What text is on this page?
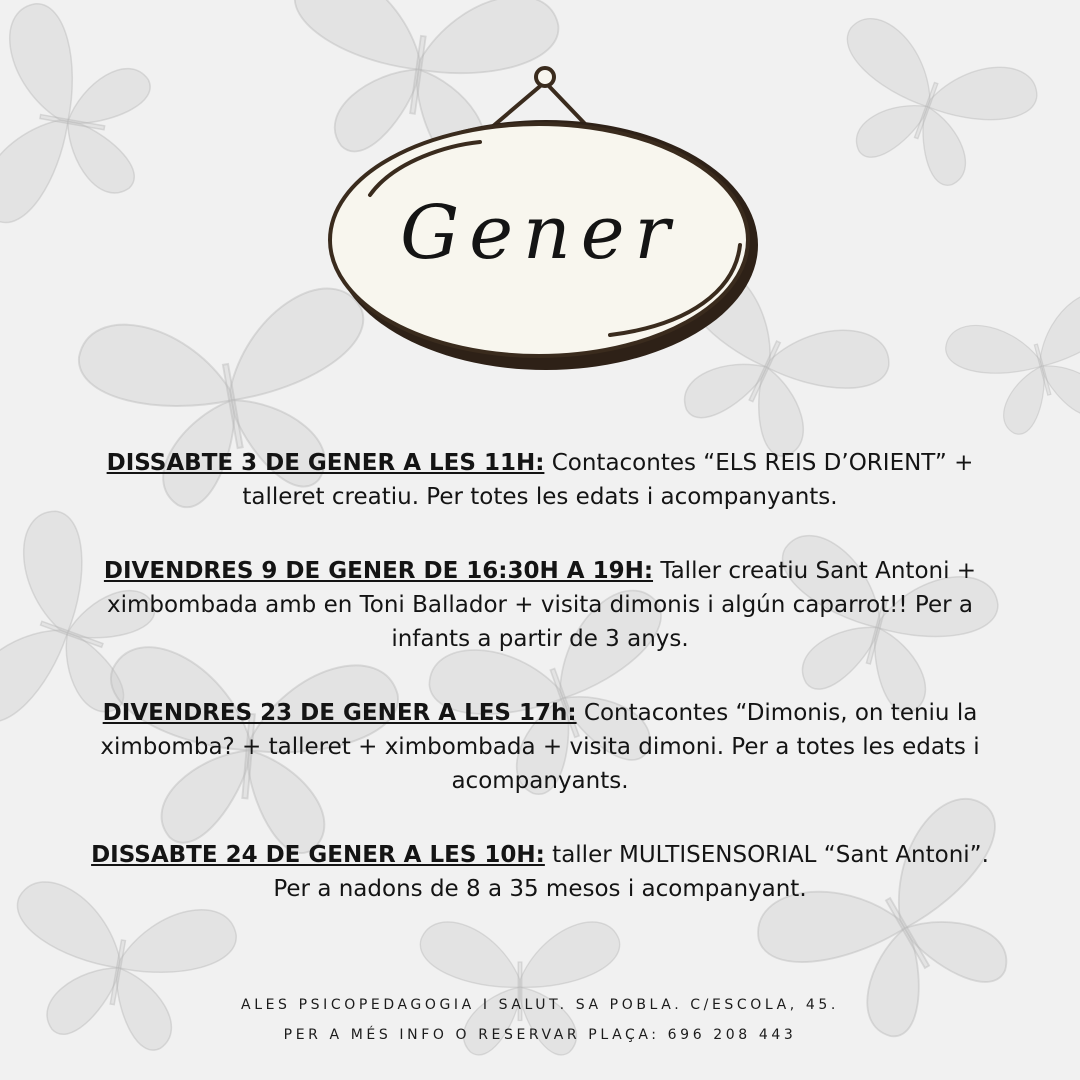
Gener

DISSABTE 3 DE GENER A LES 11H: Contacontes “ELS REIS D’ORIENT” + talleret creatiu. Per totes les edats i acompanyants.

DIVENDRES 9 DE GENER DE 16:30H A 19H: Taller creatiu Sant Antoni + ximbombada amb en Toni Ballador + visita dimonis i algún caparrot!! Per a infants a partir de 3 anys.

DIVENDRES 23 DE GENER A LES 17h: Contacontes “Dimonis, on teniu la ximbomba? + talleret + ximbombada + visita dimoni. Per a totes les edats i acompanyants.

DISSABTE 24 DE GENER A LES 10H: taller MULTISENSORIAL “Sant Antoni”. Per a nadons de 8 a 35 mesos i acompanyant.

ALES PSICOPEDAGOGIA I SALUT. SA POBLA. C/ESCOLA, 45.
PER A MÉS INFO O RESERVAR PLAÇA: 696 208 443
